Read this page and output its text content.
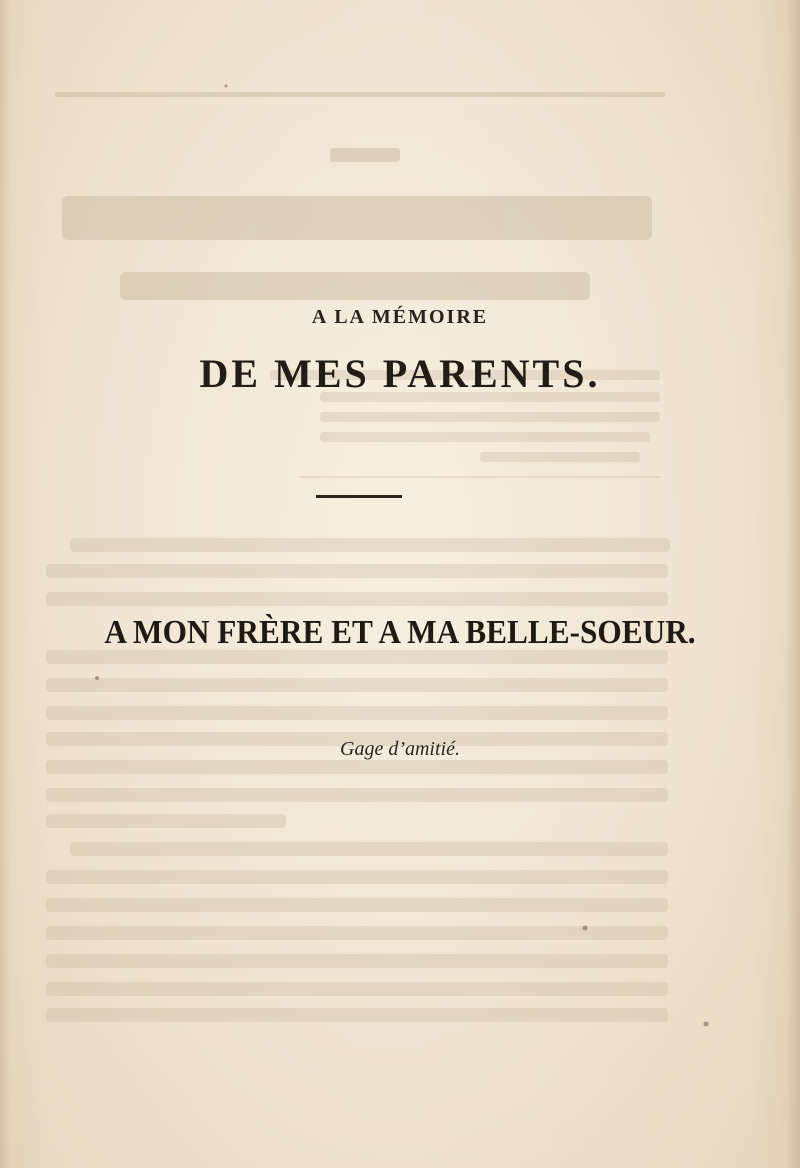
A LA MÉMOIRE
DE MES PARENTS.
A MON FRÈRE ET A MA BELLE-SOEUR.
Gage d’amitié.
